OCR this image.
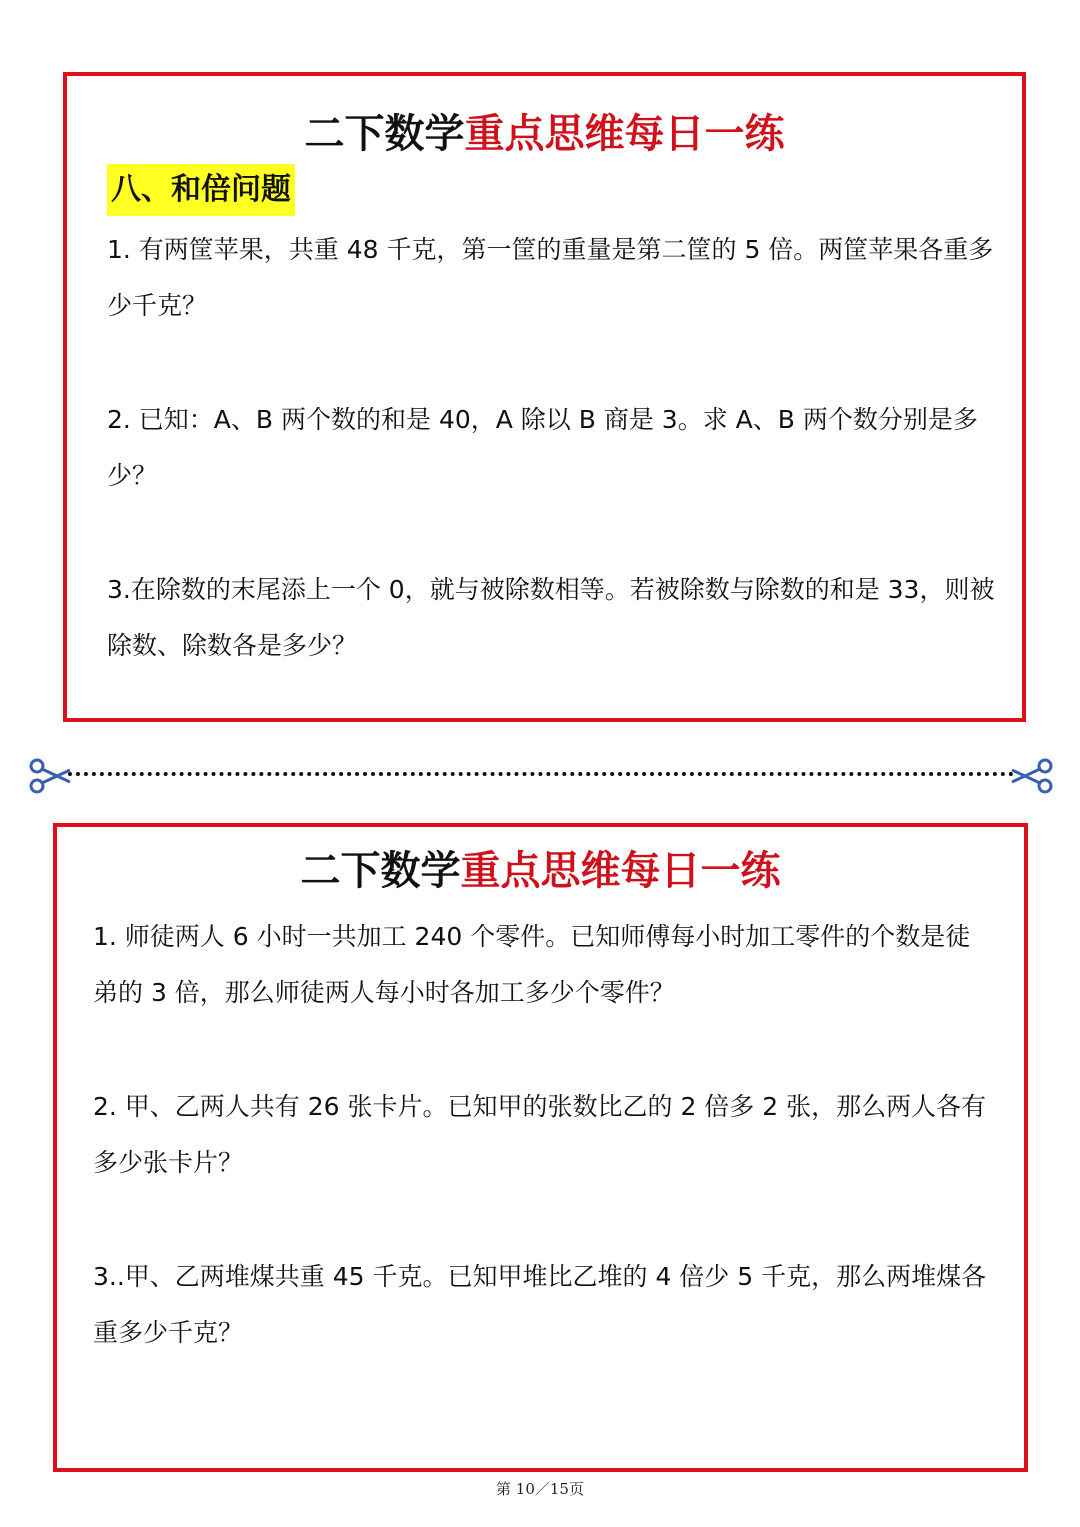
二下数学重点思维每日一练
八、和倍问题

1. 有两筐苹果，共重 48 千克，第一筐的重量是第二筐的 5 倍。两筐苹果各重多少千克？

2. 已知：A、B 两个数的和是 40，A 除以 B 商是 3。求 A、B 两个数分别是多少？

3.在除数的末尾添上一个 0，就与被除数相等。若被除数与除数的和是 33，则被除数、除数各是多少？

二下数学重点思维每日一练

1. 师徒两人 6 小时一共加工 240 个零件。已知师傅每小时加工零件的个数是徒弟的 3 倍，那么师徒两人每小时各加工多少个零件？

2. 甲、乙两人共有 26 张卡片。已知甲的张数比乙的 2 倍多 2 张，那么两人各有多少张卡片？

3..甲、乙两堆煤共重 45 千克。已知甲堆比乙堆的 4 倍少 5 千克，那么两堆煤各重多少千克？

第 10／15页
